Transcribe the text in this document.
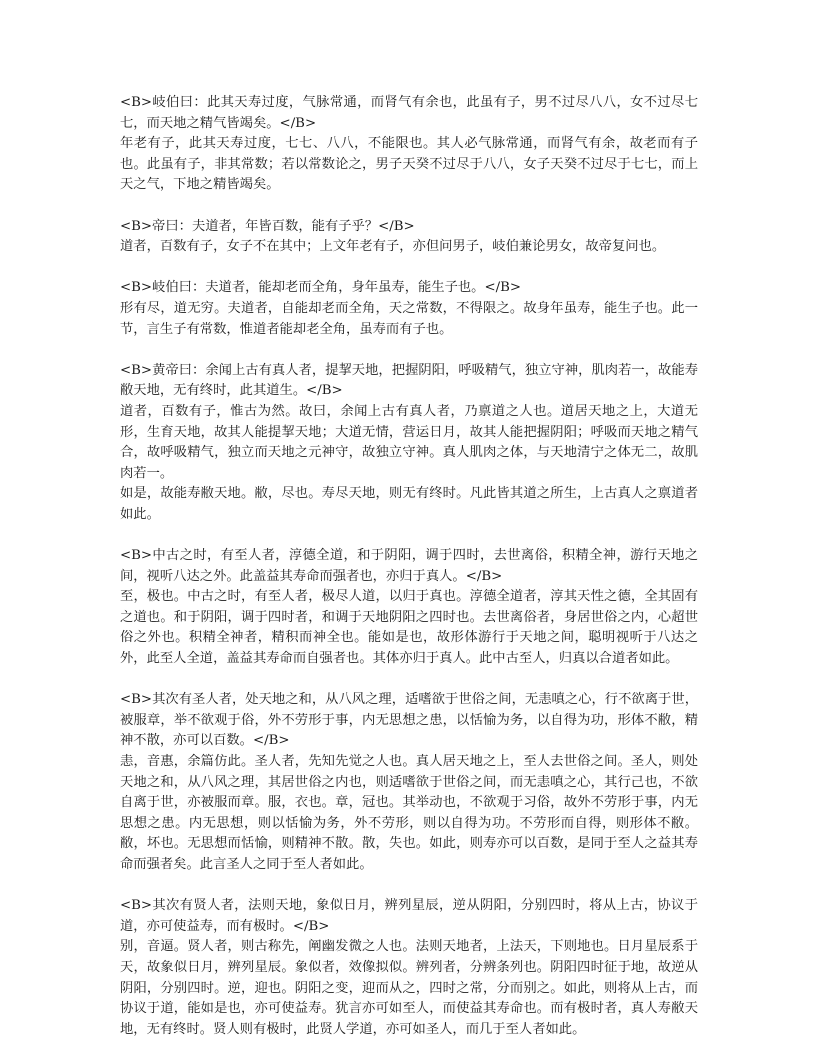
<B>岐伯曰：此其天寿过度，气脉常通，而肾气有余也，此虽有子，男不过尽八八，女不过尽七七，而天地之精气皆竭矣。</B>

年老有子，此其天寿过度，七七、八八，不能限也。其人必气脉常通，而肾气有余，故老而有子也。此虽有子，非其常数；若以常数论之，男子天癸不过尽于八八，女子天癸不过尽于七七，而上天之气，下地之精皆竭矣。

<B>帝曰：夫道者，年皆百数，能有子乎？</B>

道者，百数有子，女子不在其中；上文年老有子，亦但问男子，岐伯兼论男女，故帝复问也。

<B>岐伯曰：夫道者，能却老而全角，身年虽寿，能生子也。</B>

形有尽，道无穷。夫道者，自能却老而全角，天之常数，不得限之。故身年虽寿，能生子也。此一节，言生子有常数，惟道者能却老全角，虽寿而有子也。

<B>黄帝曰：余闻上古有真人者，提挈天地，把握阴阳，呼吸精气，独立守神，肌肉若一，故能寿敝天地，无有终时，此其道生。</B>

道者，百数有子，惟古为然。故曰，余闻上古有真人者，乃禀道之人也。道居天地之上，大道无形，生育天地，故其人能提挈天地；大道无情，营运日月，故其人能把握阴阳；呼吸而天地之精气合，故呼吸精气，独立而天地之元神守，故独立守神。真人肌肉之体，与天地清宁之体无二，故肌肉若一。

如是，故能寿敝天地。敝，尽也。寿尽天地，则无有终时。凡此皆其道之所生，上古真人之禀道者如此。

<B>中古之时，有至人者，淳德全道，和于阴阳，调于四时，去世离俗，积精全神，游行天地之间，视听八达之外。此盖益其寿命而强者也，亦归于真人。</B>

至，极也。中古之时，有至人者，极尽人道，以归于真也。淳德全道者，淳其天性之德，全其固有之道也。和于阴阳，调于四时者，和调于天地阴阳之四时也。去世离俗者，身居世俗之内，心超世俗之外也。积精全神者，精积而神全也。能如是也，故形体游行于天地之间，聪明视听于八达之外，此至人全道，盖益其寿命而自强者也。其体亦归于真人。此中古至人，归真以合道者如此。

<B>其次有圣人者，处天地之和，从八风之理，适嗜欲于世俗之间，无恚嗔之心，行不欲离于世，被服章，举不欲观于俗，外不劳形于事，内无思想之患，以恬愉为务，以自得为功，形体不敝，精神不散，亦可以百数。</B>

恚，音惠，余篇仿此。圣人者，先知先觉之人也。真人居天地之上，至人去世俗之间。圣人，则处天地之和，从八风之理，其居世俗之内也，则适嗜欲于世俗之间，而无恚嗔之心，其行己也，不欲自离于世，亦被服而章。服，衣也。章，冠也。其举动也，不欲观于习俗，故外不劳形于事，内无思想之患。内无思想，则以恬愉为务，外不劳形，则以自得为功。不劳形而自得，则形体不敝。敝，坏也。无思想而恬愉，则精神不散。散，失也。如此，则寿亦可以百数，是同于至人之益其寿命而强者矣。此言圣人之同于至人者如此。

<B>其次有贤人者，法则天地，象似日月，辨列星辰，逆从阴阳，分别四时，将从上古，协议于道，亦可使益寿，而有极时。</B>

别，音逼。贤人者，则古称先，阐幽发微之人也。法则天地者，上法天，下则地也。日月星辰系于天，故象似日月，辨列星辰。象似者，效像拟似。辨列者，分辨条列也。阴阳四时征于地，故逆从阴阳，分别四时。逆，迎也。阴阳之变，迎而从之，四时之常，分而别之。如此，则将从上古，而协议于道，能如是也，亦可使益寿。犹言亦可如至人，而使益其寿命也。而有极时者，真人寿敝天地，无有终时。贤人则有极时，此贤人学道，亦可如圣人，而几于至人者如此。
